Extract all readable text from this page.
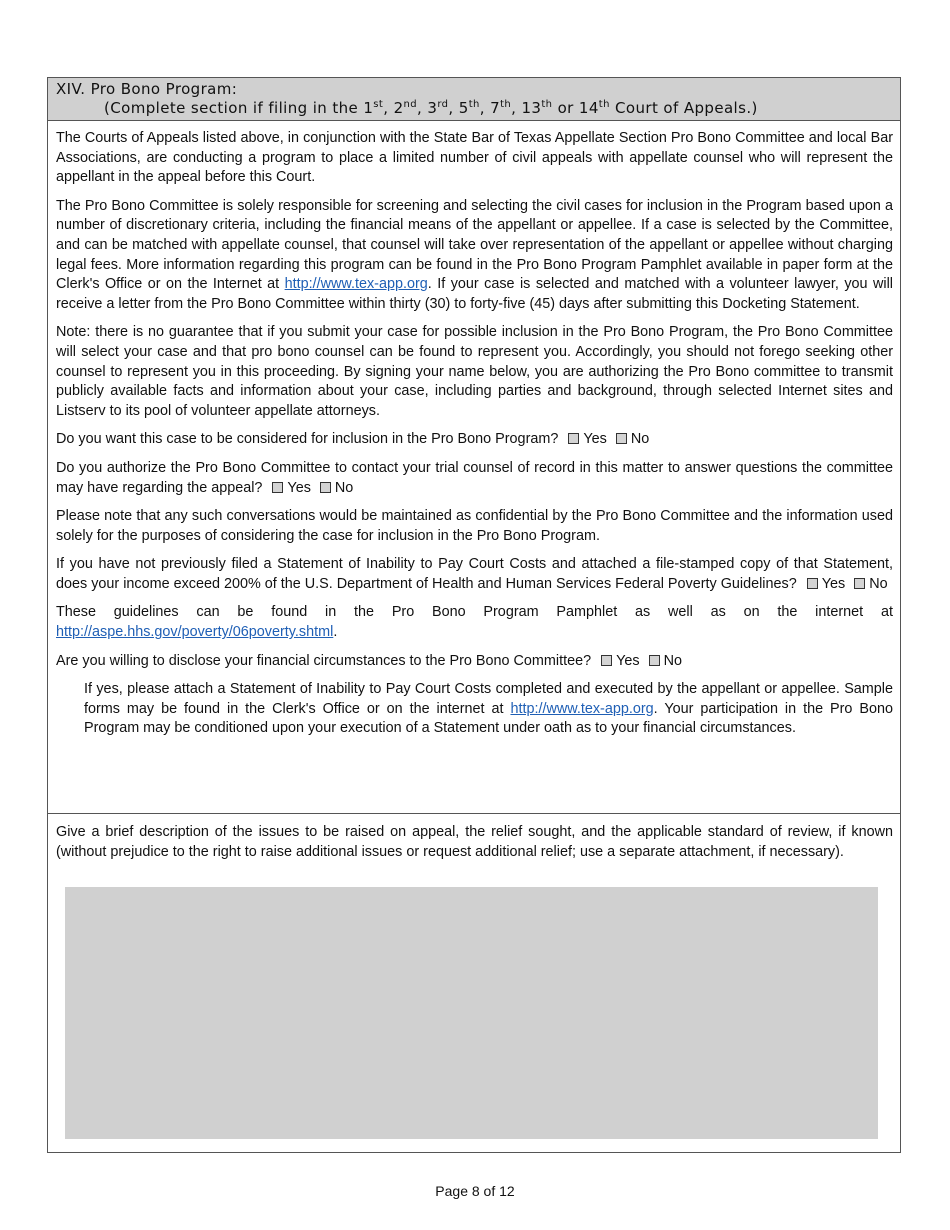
XIV. Pro Bono Program:
(Complete section if filing in the 1st, 2nd, 3rd, 5th, 7th, 13th or 14th Court of Appeals.)

The Courts of Appeals listed above, in conjunction with the State Bar of Texas Appellate Section Pro Bono Committee and local Bar Associations, are conducting a program to place a limited number of civil appeals with appellate counsel who will represent the appellant in the appeal before this Court.

The Pro Bono Committee is solely responsible for screening and selecting the civil cases for inclusion in the Program based upon a number of discretionary criteria, including the financial means of the appellant or appellee. If a case is selected by the Committee, and can be matched with appellate counsel, that counsel will take over representation of the appellant or appellee without charging legal fees. More information regarding this program can be found in the Pro Bono Program Pamphlet available in paper form at the Clerk's Office or on the Internet at http://www.tex-app.org. If your case is selected and matched with a volunteer lawyer, you will receive a letter from the Pro Bono Committee within thirty (30) to forty-five (45) days after submitting this Docketing Statement.

Note: there is no guarantee that if you submit your case for possible inclusion in the Pro Bono Program, the Pro Bono Committee will select your case and that pro bono counsel can be found to represent you. Accordingly, you should not forego seeking other counsel to represent you in this proceeding. By signing your name below, you are authorizing the Pro Bono committee to transmit publicly available facts and information about your case, including parties and background, through selected Internet sites and Listserv to its pool of volunteer appellate attorneys.

Do you want this case to be considered for inclusion in the Pro Bono Program? Yes No

Do you authorize the Pro Bono Committee to contact your trial counsel of record in this matter to answer questions the committee may have regarding the appeal? Yes No

Please note that any such conversations would be maintained as confidential by the Pro Bono Committee and the information used solely for the purposes of considering the case for inclusion in the Pro Bono Program.

If you have not previously filed a Statement of Inability to Pay Court Costs and attached a file-stamped copy of that Statement, does your income exceed 200% of the U.S. Department of Health and Human Services Federal Poverty Guidelines? Yes No

These guidelines can be found in the Pro Bono Program Pamphlet as well as on the internet at http://aspe.hhs.gov/poverty/06poverty.shtml.

Are you willing to disclose your financial circumstances to the Pro Bono Committee? Yes No

If yes, please attach a Statement of Inability to Pay Court Costs completed and executed by the appellant or appellee. Sample forms may be found in the Clerk's Office or on the internet at http://www.tex-app.org. Your participation in the Pro Bono Program may be conditioned upon your execution of a Statement under oath as to your financial circumstances.

Give a brief description of the issues to be raised on appeal, the relief sought, and the applicable standard of review, if known (without prejudice to the right to raise additional issues or request additional relief; use a separate attachment, if necessary).

Page 8 of 12
